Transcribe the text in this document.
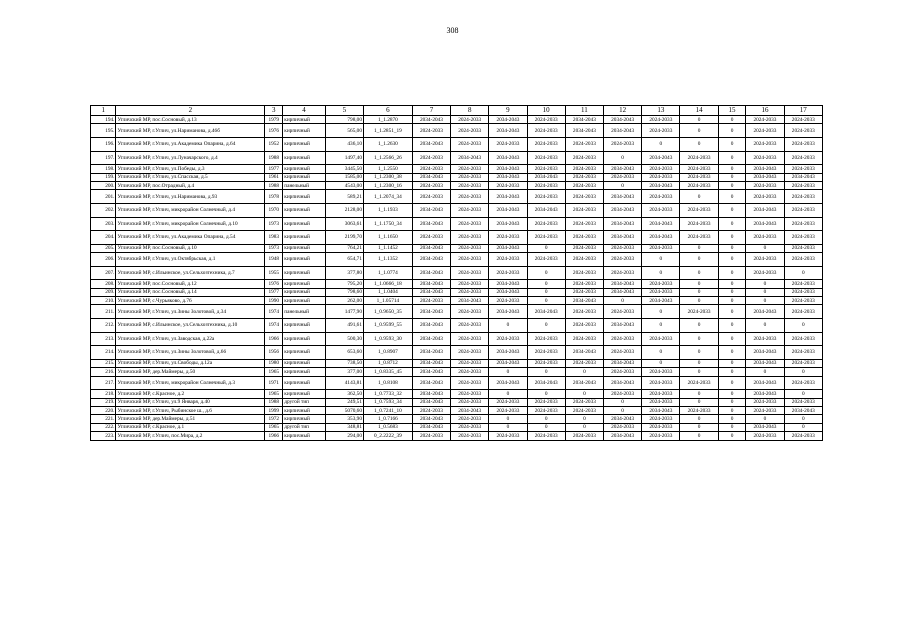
308
1	2	3	4	5	6	7	8	9	10	11	12	13	14	15	16	17
194.	Угличский МР, пос.Сосновый, д.13	1979	кирпичный	798,00	1_1.2870	2034-2043	2024-2033	2034-2043	2024-2033	2034-2043	2034-2043	2024-2033	0	0	2024-2033	2024-2033
195.	Угличский МР, г.Углич, ул.Нариманова, д.46б	1976	кирпичный	565,00	1_1.2851_19	2024-2033	2024-2033	2034-2043	2024-2033	2034-2043	2034-2043	2024-2033	0	0	2024-2033	2024-2033
196.	Угличский МР, г.Углич, ул.Академика Опарина, д.64	1952	кирпичный	436,10	1_1.2630	2034-2043	2024-2033	2024-2033	2024-2033	2024-2033	2024-2033	0	0	0	2024-2033	2024-2033
197.	Угличский МР, г.Углич, ул.Луначарского, д.4	1988	кирпичный	1497,40	1_1.2566_26	2024-2033	2034-2043	2034-2043	2024-2033	2024-2033	0	2034-2043	2024-2033	0	2024-2033	2024-2033
198.	Угличский МР, г.Углич, ул.Победы, д.3	1977	кирпичный	3445,50	1_1.2550	2024-2033	2024-2033	2034-2043	2024-2033	2024-2033	2034-2043	2024-2033	2024-2033	0	2034-2043	2024-2033
199.	Угличский МР, г.Углич, ул.Спасская, д.5	1961	кирпичный	1585,00	1_1.2300_38	2034-2043	2024-2033	2034-2043	2034-2043	2024-2033	2024-2033	2024-2033	2024-2033	0	2034-2043	2034-2043
200.	Угличский МР, пос.Отрадный, д.4	1988	панельный	4543,00	1_1.2300_16	2024-2033	2024-2033	2024-2033	2024-2033	2024-2033	0	2034-2043	2024-2033	0	2024-2033	2024-2033
201.	Угличский МР, г.Углич, ул.Нариманова, д.93	1978	кирпичный	589,21	1_1.2074_34	2024-2033	2024-2033	2034-2043	2024-2033	2024-2033	2034-2043	2024-2033	0	0	2024-2033	2024-2033
202.	Угличский МР, г.Углич, микрорайон Солнечный, д.4	1970	кирпичный	2128,00	1_1.1933	2034-2043	2024-2033	2034-2043	2034-2043	2024-2033	2034-2043	2024-2033	2024-2033	0	2034-2043	2024-2033
203.	Угличский МР, г.Углич, микрорайон Солнечный, д.10	1973	кирпичный	3063,61	1_1.1750_34	2034-2043	2024-2033	2034-2043	2024-2033	2024-2033	2034-2043	2034-2043	2024-2033	0	2034-2043	2024-2033
204.	Угличский МР, г.Углич, ул.Академика Опарина, д.54	1983	кирпичный	2199,70	1_1.1650	2024-2033	2024-2033	2024-2033	2024-2033	2024-2033	2034-2043	2034-2043	2024-2033	0	2024-2033	2024-2033
205.	Угличский МР, пос.Сосновый, д.10	1973	кирпичный	764,21	1_1.1452	2034-2043	2024-2033	2034-2043	0	2024-2033	2024-2033	2024-2033	0	0	0	2024-2033
206.	Угличский МР, г.Углич, ул.Октябрьская, д.1	1948	кирпичный	654,71	1_1.1352	2034-2043	2024-2033	2024-2033	2024-2033	2024-2033	2024-2033	0	0	0	2024-2033	2024-2033
207.	Угличский МР, с.Ильинское, ул.Сельхозтехника, д.7	1955	кирпичный	377,80	1_1.0774	2034-2043	2024-2033	2024-2033	0	2024-2033	2024-2033	0	0	0	2024-2033	0
208.	Угличский МР, пос.Сосновый, д.12	1976	кирпичный	795,20	1_1.0666_18	2034-2043	2024-2033	2034-2043	0	2024-2033	2034-2043	2024-2033	0	0	0	2024-2033
209.	Угличский МР, пос.Сосновый, д.14	1977	кирпичный	798,60	1_1.0404	2034-2043	2024-2033	2034-2043	0	2024-2033	2034-2043	2024-2033	0	0	0	2024-2033
210.	Угличский МР, с.Чурьяково, д.76	1990	кирпичный	262,00	1_1.05714	2024-2033	2034-2043	2024-2033	0	2034-2043	0	2034-2043	0	0	0	2024-2033
211.	Угличский МР, г.Углич, ул.Зины Золотовой, д.34	1974	панельный	1477,90	1_0.9650_35	2034-2043	2024-2033	2034-2043	2034-2043	2024-2033	2024-2033	0	2024-2033	0	2034-2043	2024-2033
212.	Угличский МР, с.Ильинское, ул.Сельхозтехника, д.10	1974	кирпичный	491,61	1_0.9599_55	2034-2043	2024-2033	0	0	2024-2033	2034-2043	0	0	0	0	0
213.	Угличский МР, г.Углич, ул.Заводская, д.22а	1966	кирпичный	500,30	1_0.9593_30	2034-2043	2024-2033	2024-2033	2024-2033	2024-2033	2024-2033	2024-2033	0	0	2024-2033	2024-2033
214.	Угличский МР, г.Углич, ул.Зины Золотовой, д.66	1956	кирпичный	653,60	1_0.8907	2034-2043	2024-2033	2034-2043	2024-2033	2034-2043	2024-2033	0	0	0	2034-2043	2024-2033
215.	Угличский МР, г.Углич, ул.Свободы, д.12а	1980	кирпичный	738,50	1_0.8712	2034-2043	2024-2033	2034-2043	2024-2033	2024-2033	2034-2043	0	0	0	2034-2043	2024-2033
216.	Угличский МР, дер.Маймеры, д.50	1965	кирпичный	377,00	1_0.8335_45	2034-2043	2024-2033	0	0	0	2024-2033	2024-2033	0	0	0	0
217.	Угличский МР, г.Углич, микрорайон Солнечный, д.3	1971	кирпичный	4143,81	1_0.8108	2034-2043	2024-2033	2034-2043	2034-2043	2034-2043	2034-2043	2024-2033	2024-2033	0	2034-2043	2024-2033
218.	Угличский МР, с.Красное, д.2	1965	кирпичный	362,50	1_0.7733_32	2034-2043	2024-2033	0	0	0	2024-2033	2024-2033	0	0	2034-2043	0
219.	Угличский МР, г.Углич, ул.9 Января, д.40	1988	другой тип	249,51	1_0.7593_34	2034-2043	2024-2033	2024-2033	2024-2033	2024-2033	0	2024-2033	0	0	2024-2033	2024-2033
220.	Угличский МР, г.Углич, Рыбинское ш., д.6	1999	кирпичный	5070,60	1_0.7241_10	2024-2033	2034-2043	2024-2033	2024-2033	2024-2033	0	2034-2043	2024-2033	0	2024-2033	2034-2043
221.	Угличский МР, дер.Маймеры, д.51	1972	кирпичный	353,90	1_0.7166	2034-2043	2024-2033	0	0	0	2034-2043	2024-2033	0	0	0	0
222.	Угличский МР, с.Красное, д.1	1965	другой тип	348,81	1_0.5683	2034-2043	2024-2033	0	0	0	2024-2033	2024-2033	0	0	2034-2043	0
223.	Угличский МР, г.Углич, пос.Мира, д.2	1966	кирпичный	294,00	0_2.2222_39	2024-2033	2024-2033	2024-2033	2024-2033	2024-2033	2034-2043	2024-2033	0	0	2024-2033	2024-2033
